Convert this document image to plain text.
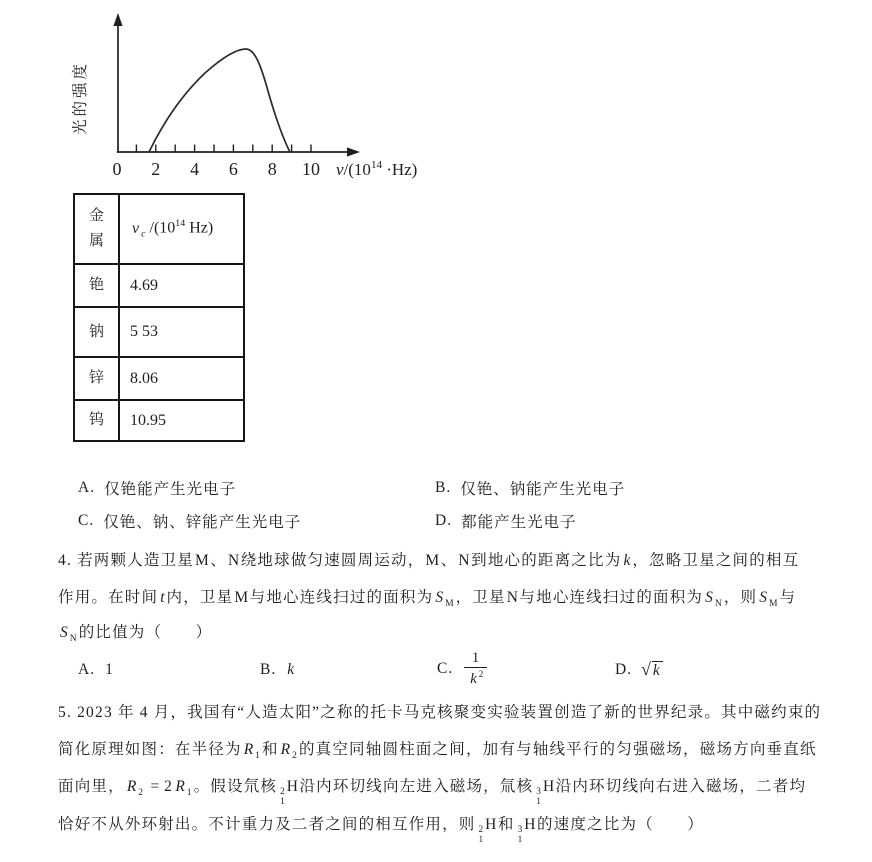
0 2 4 6 8 10 $v/(10^{14} \cdot Hz)$
光的强度
金属	ν $_c$ $/(10^{14}$ Hz)
铯	4.69
钠	5 53
锌	8.06
钨	10.95
A. 仅铯能产生光电子	B. 仅铯、钠能产生光电子
C. 仅铯、钠、锌能产生光电子	D. 都能产生光电子
4. 若两颗人造卫星M、N绕地球做匀速圆周运动，M、N到地心的距离之比为 k ，忽略卫星之间的相互
作用。在时间 t 内，卫星M与地心连线扫过的面积为 S $_M$ ，卫星N与地心连线扫过的面积为 S $_N$ ，则 S $_M$ 与
S $_N$ 的比值为（　　）
A. 1	B. k	C. $\frac{1}{k ^2}$	D. √ k
5. 2023 年 4 月，我国有“人造太阳”之称的托卡马克核聚变实验装置创造了新的世界纪录。其中磁约束的
简化原理如图：在半径为 R $_1$ 和 R $_2$ 的真空同轴圆柱面之间，加有与轴线平行的匀强磁场，磁场方向垂直纸
面向里， R $_2$ = 2 R $_1$ 。假设氘核 2
1
H沿内环切线向左进入磁场，氚核 3
1
H沿内环切线向右进入磁场，二者均
恰好不从外环射出。不计重力及二者之间的相互作用，则 2
1
H和 3
1
H的速度之比为（　　）
